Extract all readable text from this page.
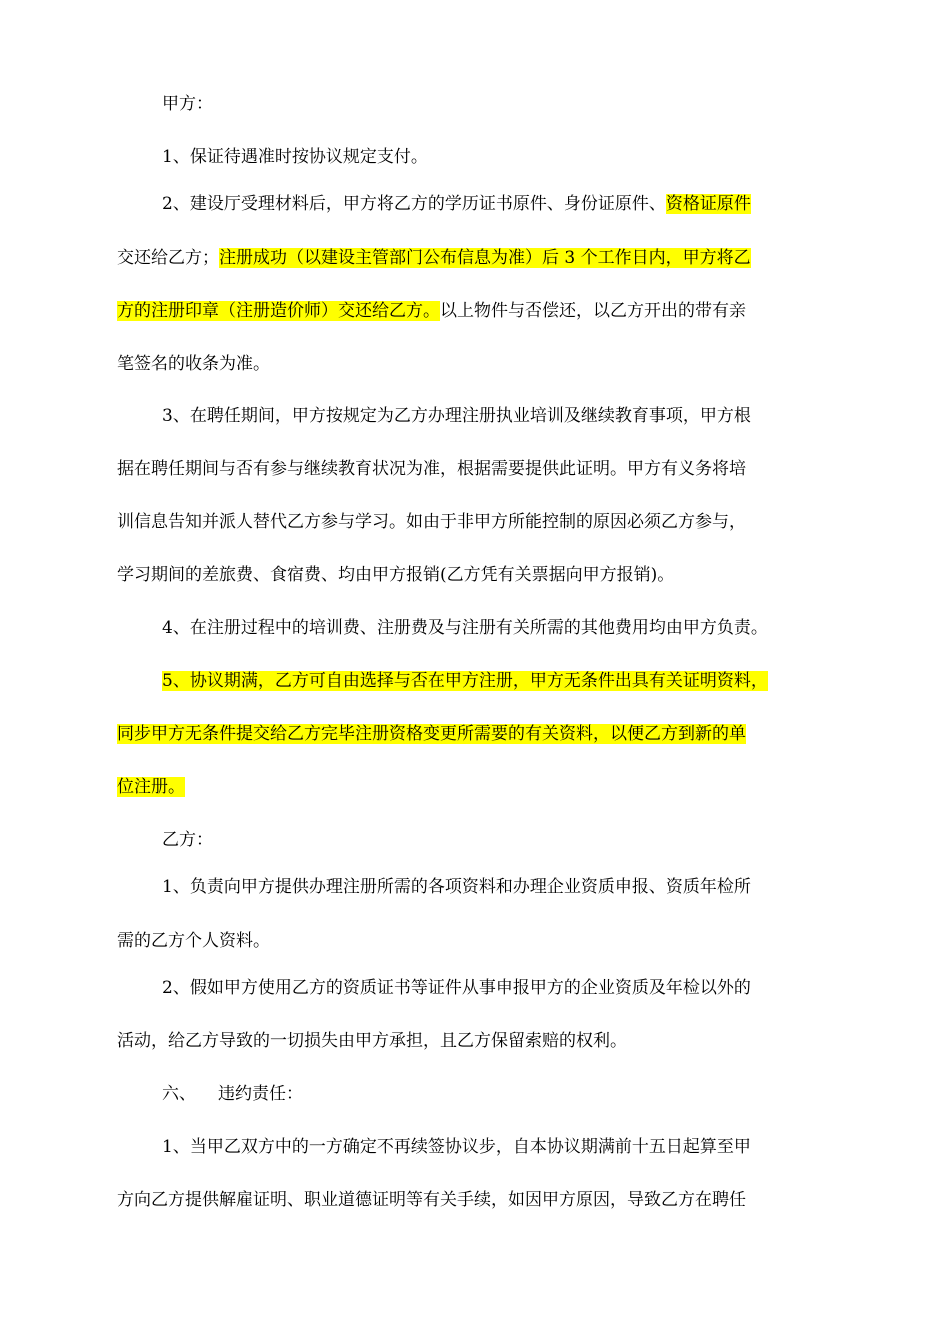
甲方：
1、保证待遇准时按协议规定支付。
2、建设厅受理材料后，甲方将乙方的学历证书原件、身份证原件、资格证原件
交还给乙方；注册成功（以建设主管部门公布信息为准）后 3 个工作日内，甲方将乙
方的注册印章（注册造价师）交还给乙方。以上物件与否偿还，以乙方开出的带有亲
笔签名的收条为准。
3、在聘任期间，甲方按规定为乙方办理注册执业培训及继续教育事项，甲方根
据在聘任期间与否有参与继续教育状况为准，根据需要提供此证明。甲方有义务将培
训信息告知并派人替代乙方参与学习。如由于非甲方所能控制的原因必须乙方参与，
学习期间的差旅费、食宿费、均由甲方报销(乙方凭有关票据向甲方报销)。
4、在注册过程中的培训费、注册费及与注册有关所需的其他费用均由甲方负责。
5、协议期满，乙方可自由选择与否在甲方注册，甲方无条件出具有关证明资料，
同步甲方无条件提交给乙方完毕注册资格变更所需要的有关资料，以便乙方到新的单
位注册。
乙方：
1、负责向甲方提供办理注册所需的各项资料和办理企业资质申报、资质年检所
需的乙方个人资料。
2、假如甲方使用乙方的资质证书等证件从事申报甲方的企业资质及年检以外的
活动，给乙方导致的一切损失由甲方承担，且乙方保留索赔的权利。
六、 违约责任：
1、当甲乙双方中的一方确定不再续签协议步，自本协议期满前十五日起算至甲
方向乙方提供解雇证明、职业道德证明等有关手续，如因甲方原因，导致乙方在聘任
